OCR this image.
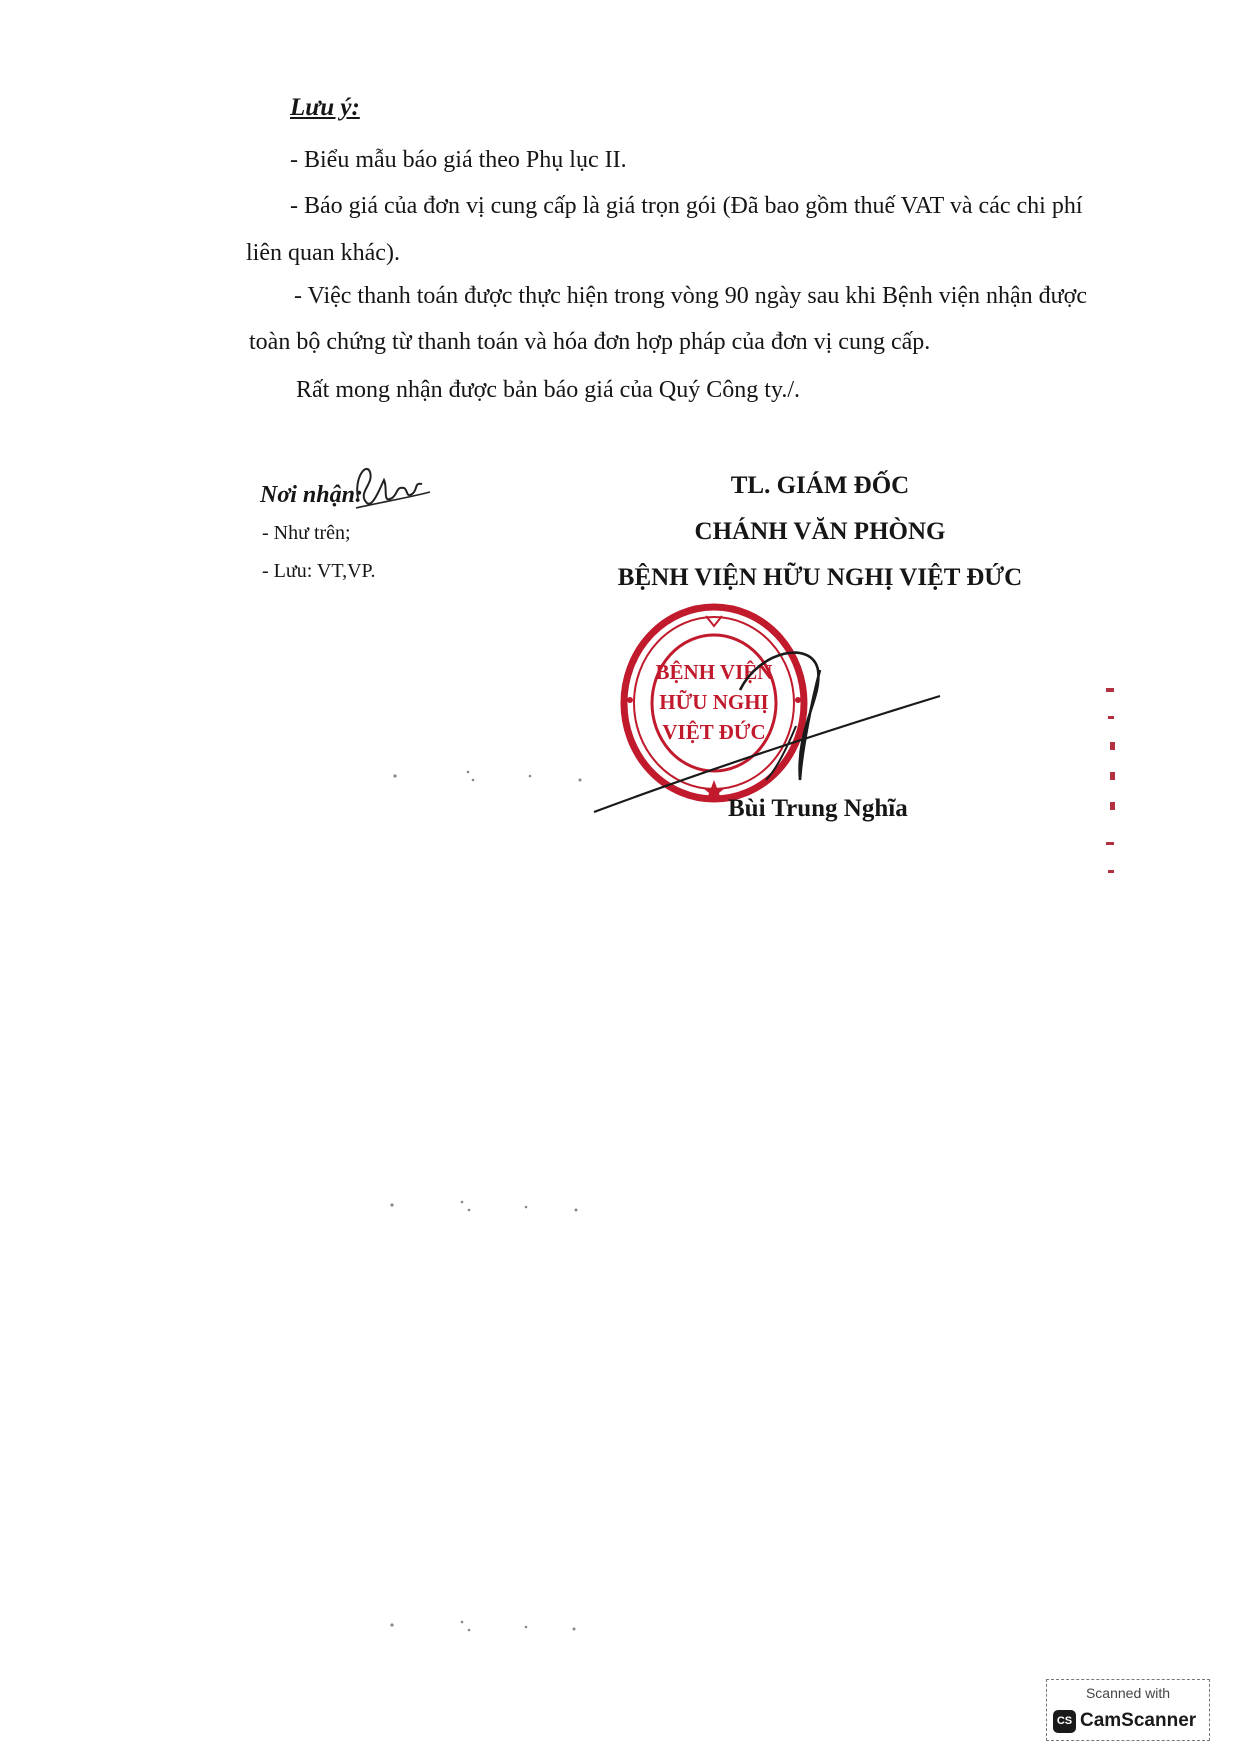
Lưu ý:
- Biểu mẫu báo giá theo Phụ lục II.
- Báo giá của đơn vị cung cấp là giá trọn gói (Đã bao gồm thuế VAT và các chi phí
liên quan khác).
- Việc thanh toán được thực hiện trong vòng 90 ngày sau khi Bệnh viện nhận được
toàn bộ chứng từ thanh toán và hóa đơn hợp pháp của đơn vị cung cấp.
Rất mong nhận được bản báo giá của Quý Công ty./.
Nơi nhận:
- Như trên;
- Lưu: VT,VP.
TL. GIÁM ĐỐC
CHÁNH VĂN PHÒNG
BỆNH VIỆN HỮU NGHỊ VIỆT ĐỨC
BỆNH VIỆN
HỮU NGHỊ
VIỆT ĐỨC
Bùi Trung Nghĩa
Scanned with
CS CamScanner
